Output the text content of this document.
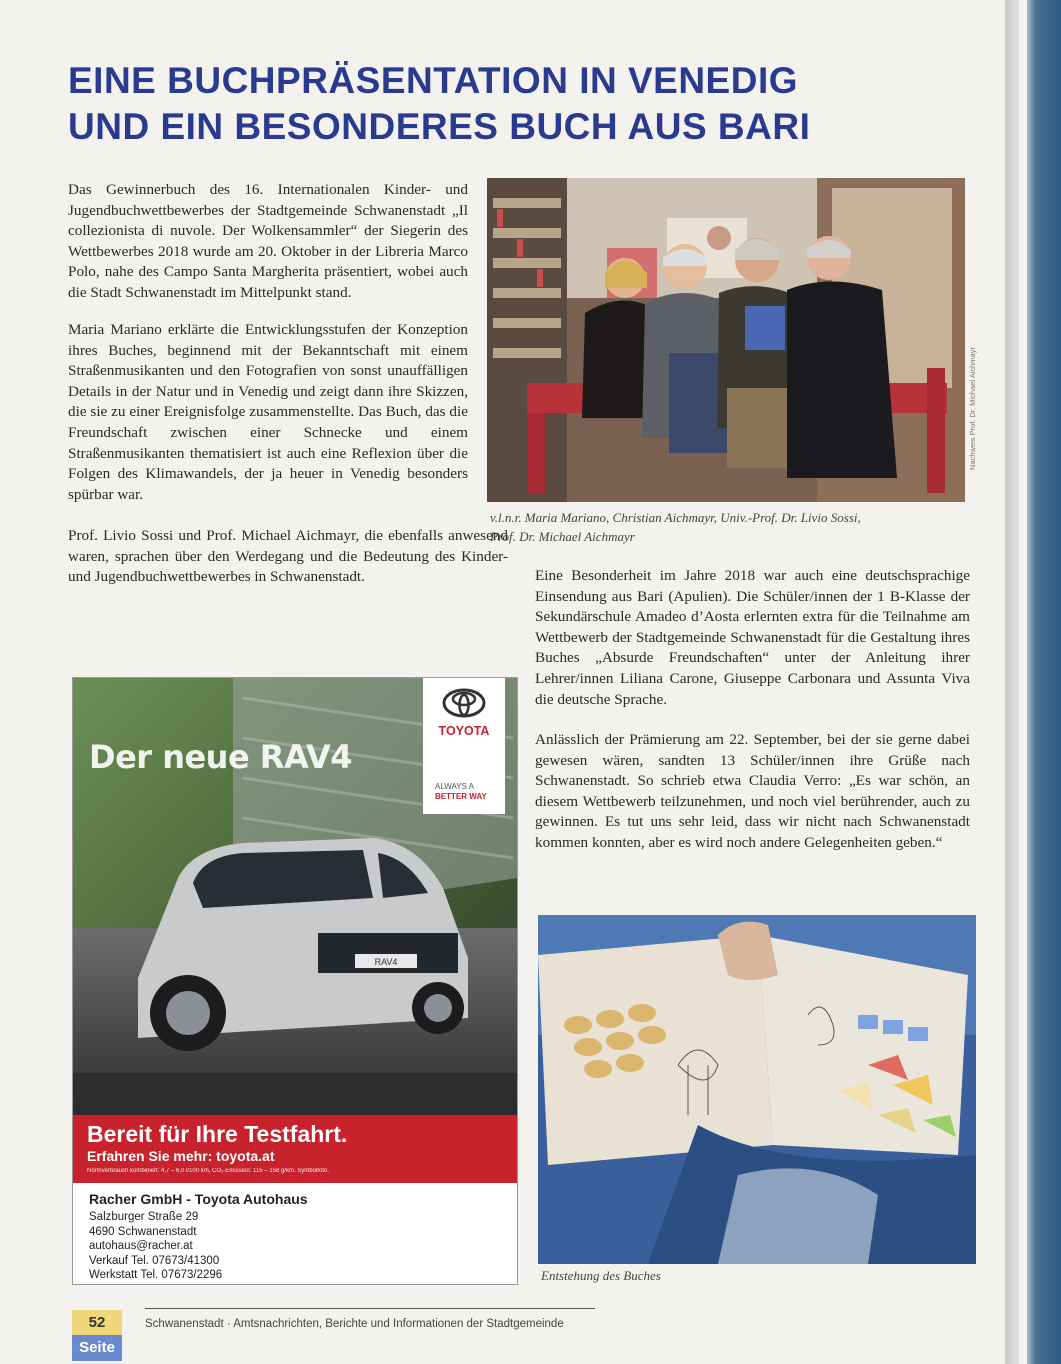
EINE BUCHPRÄSENTATION IN VENEDIG
UND EIN BESONDERES BUCH AUS BARI

Das Gewinnerbuch des 16. Internationalen Kinder- und Jugendbuchwettbewerbes der Stadtgemeinde Schwanenstadt „Il collezionista di nuvole. Der Wolkensammler“ der Siegerin des Wettbewerbes 2018 wurde am 20. Oktober in der Libreria Marco Polo, nahe des Campo Santa Margherita präsentiert, wobei auch die Stadt Schwanenstadt im Mittelpunkt stand.

Maria Mariano erklärte die Entwicklungsstufen der Konzeption ihres Buches, beginnend mit der Bekanntschaft mit einem Straßenmusikanten und den Fotografien von sonst unauffälligen Details in der Natur und in Venedig und zeigt dann ihre Skizzen, die sie zu einer Ereignisfolge zusammenstellte. Das Buch, das die Freundschaft zwischen einer Schnecke und einem Straßenmusikanten thematisiert ist auch eine Reflexion über die Folgen des Klimawandels, der ja heuer in Venedig besonders spürbar war.

Prof. Livio Sossi und Prof. Michael Aichmayr, die ebenfalls anwesend waren, sprachen über den Werdegang und die Bedeutung des Kinder- und Jugendbuchwettbewerbes in Schwanenstadt.

Nachweis Prof. Dr. Michael Aichmayr

v.l.n.r. Maria Mariano, Christian Aichmayr, Univ.-Prof. Dr. Livio Sossi,
Prof. Dr. Michael Aichmayr

Eine Besonderheit im Jahre 2018 war auch eine deutschsprachige Einsendung aus Bari (Apulien). Die Schüler/innen der 1 B-Klasse der Sekundärschule Amadeo d’Aosta erlernten extra für die Teilnahme am Wettbewerb der Stadtgemeinde Schwanenstadt für die Gestaltung ihres Buches „Absurde Freundschaften“ unter der Anleitung ihrer Lehrer/innen Liliana Carone, Giuseppe Carbonara und Assunta Viva die deutsche Sprache.

Anlässlich der Prämierung am 22. September, bei der sie gerne dabei gewesen wären, sandten 13 Schüler/innen ihre Grüße nach Schwanenstadt. So schrieb etwa Claudia Verro: „Es war schön, an diesem Wettbewerb teilzunehmen, und noch viel berührender, auch zu gewinnen. Es tut uns sehr leid, dass wir nicht nach Schwanenstadt kommen konnten, aber es wird noch andere Gelegenheiten geben.“

RAV4
Der neue RAV4
TOYOTA
ALWAYS A
BETTER WAY
Bereit für Ihre Testfahrt.
Erfahren Sie mehr: toyota.at
Normverbrauch kombiniert: 4,7 – 6,0 l/100 km, CO₂-Emission: 115 – 158 g/km. Symbolfoto.
Racher GmbH - Toyota Autohaus
Salzburger Straße 29
4690 Schwanenstadt
autohaus@racher.at
Verkauf Tel. 07673/41300
Werkstatt Tel. 07673/2296	Entstehung des Buches

52
Seite
Schwanenstadt · Amtsnachrichten, Berichte und Informationen der Stadtgemeinde
